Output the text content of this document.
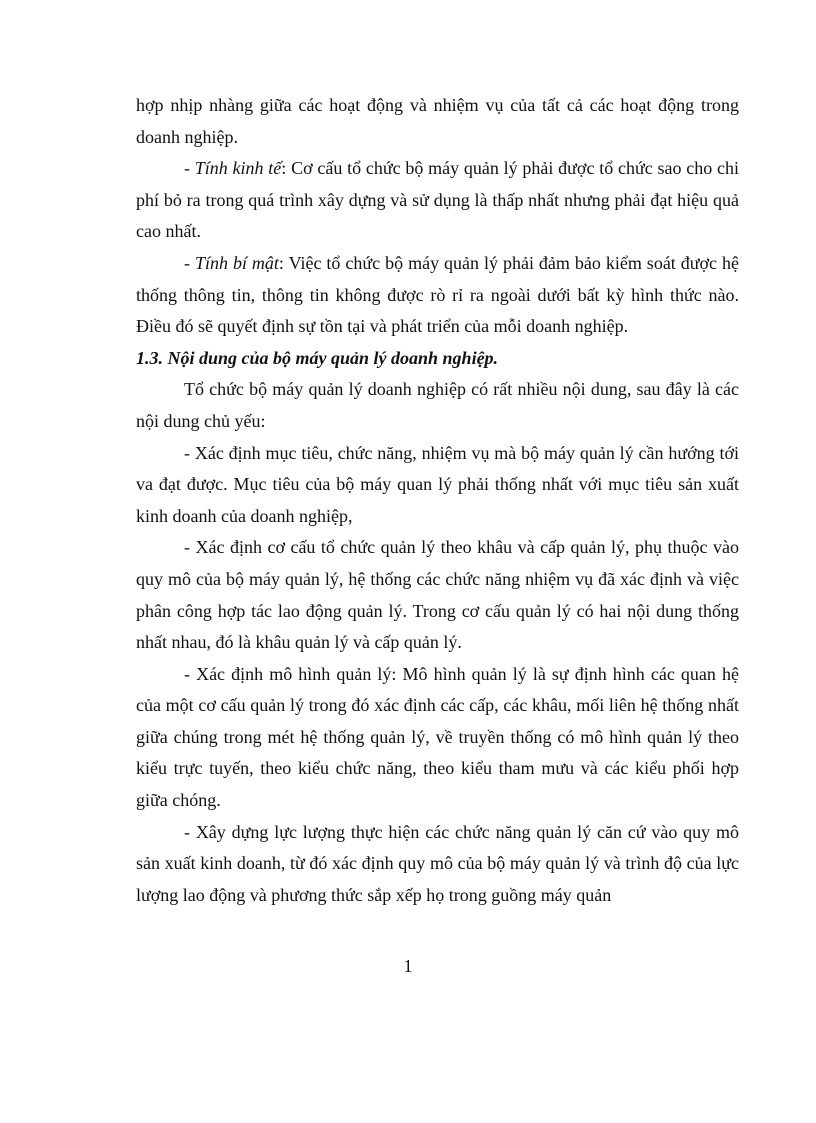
hợp nhịp nhàng giữa các hoạt động và nhiệm vụ của tất cả các hoạt động trong doanh nghiệp.

- Tính kinh tế: Cơ cấu tổ chức bộ máy quản lý phải được tổ chức sao cho chi phí bỏ ra trong quá trình xây dựng và sử dụng là thấp nhất nhưng phải đạt hiệu quả cao nhất.

- Tính bí mật: Việc tổ chức bộ máy quản lý phải đảm bảo kiểm soát được hệ thống thông tin, thông tin không được rò rỉ ra ngoài dưới bất kỳ hình thức nào. Điều đó sẽ quyết định sự tồn tại và phát triển của mỗi doanh nghiệp.

1.3. Nội dung của bộ máy quản lý doanh nghiệp.

Tổ chức bộ máy quản lý doanh nghiệp có rất nhiều nội dung, sau đây là các nội dung chủ yếu:

- Xác định mục tiêu, chức năng, nhiệm vụ mà bộ máy quản lý cần hướng tới va đạt được. Mục tiêu của bộ máy quan lý phải thống nhất với mục tiêu sản xuất kinh doanh của doanh nghiệp,

- Xác định cơ cấu tổ chức quản lý theo khâu và cấp quản lý, phụ thuộc vào quy mô của bộ máy quản lý, hệ thống các chức năng nhiệm vụ đã xác định và việc phân công hợp tác lao động quản lý. Trong cơ cấu quản lý có hai nội dung thống nhất nhau, đó là khâu quản lý và cấp quản lý.

- Xác định mô hình quản lý: Mô hình quản lý là sự định hình các quan hệ của một cơ cấu quản lý trong đó xác định các cấp, các khâu, mối liên hệ thống nhất giữa chúng trong mét hệ thống quản lý, về truyền thống có mô hình quản lý theo kiểu trực tuyến, theo kiểu chức năng, theo kiểu tham mưu và các kiểu phối hợp giữa chóng.

- Xây dựng lực lượng thực hiện các chức năng quản lý căn cứ vào quy mô sản xuất kinh doanh, từ đó xác định quy mô của bộ máy quản lý và trình độ của lực lượng lao động và phương thức sắp xếp họ trong guồng máy quản

1
